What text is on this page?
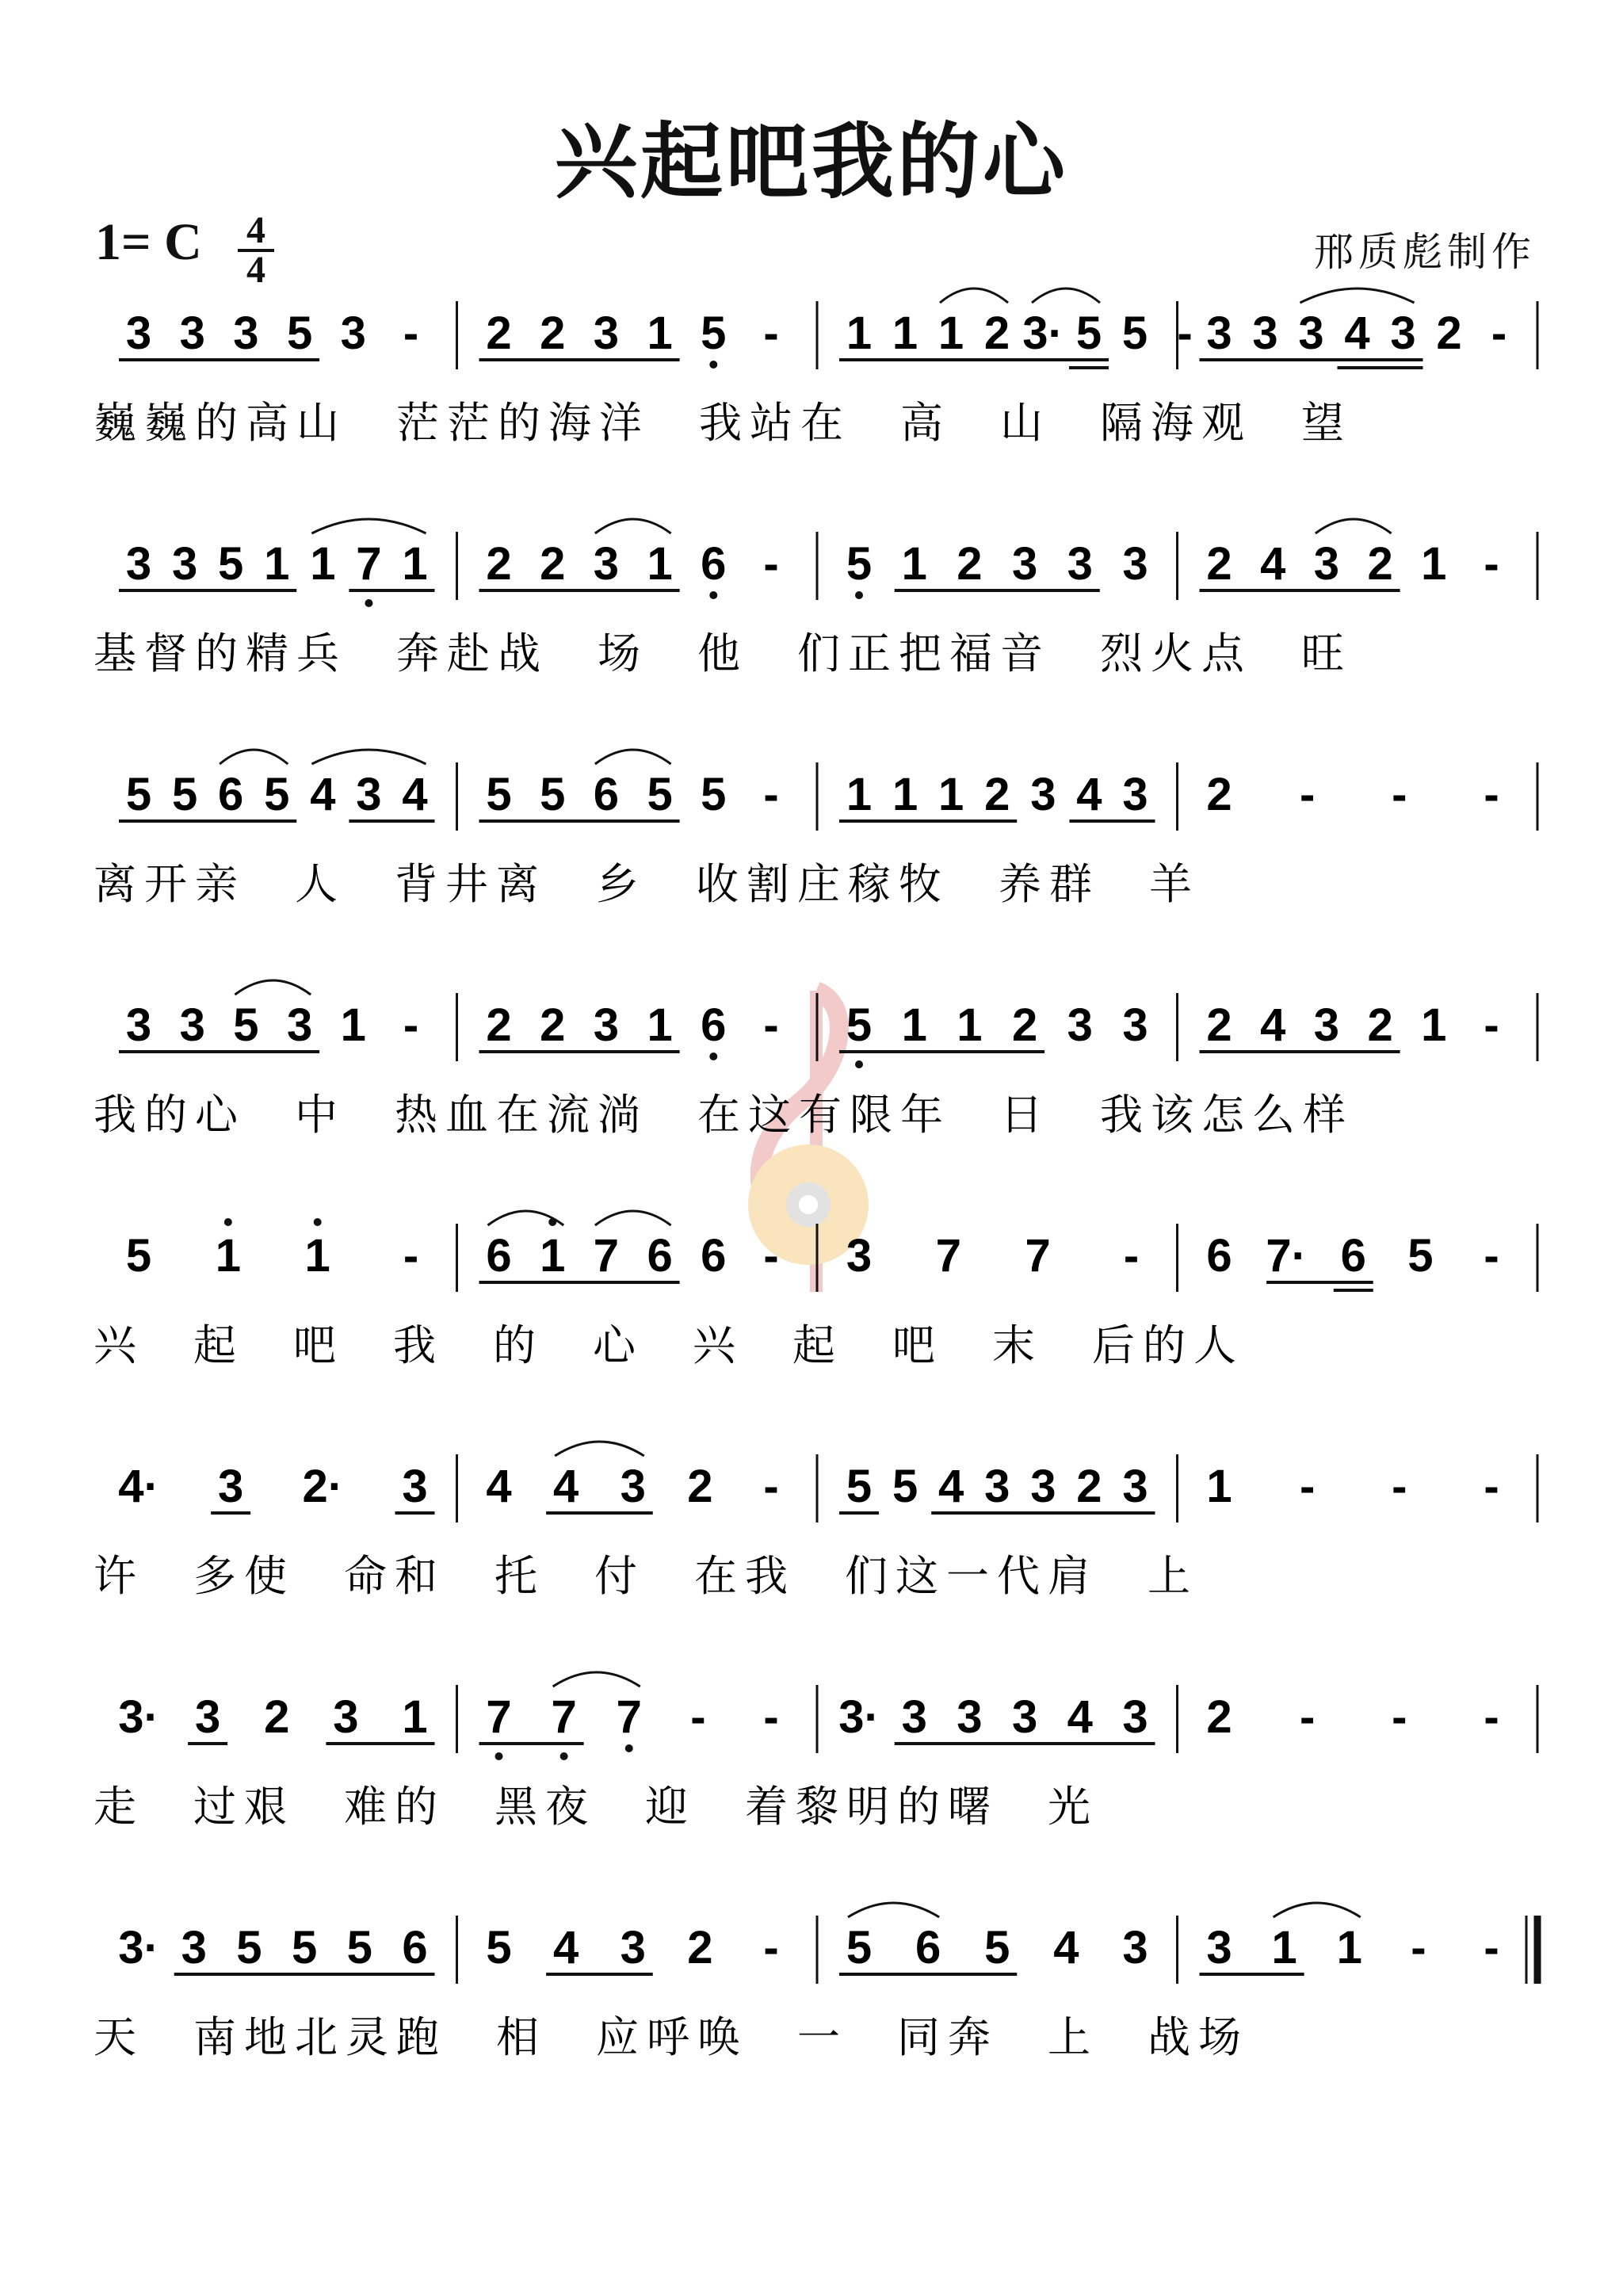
兴起吧我的心
1= C $\frac{4}{4}$	邢质彪制作
3 3 3 5 3 - 2 2 3 1 5 - 1 1 1 2 3· 5 5 - 3 3 3 4 3 2 -
巍巍的高山 茫茫的海洋 我站在 高 山 隔海观 望
3 3 5 1 1 7 1 2 2 3 1 6 - 5 1 2 3 3 3 2 4 3 2 1 -
基督的精兵 奔赴战 场 他 们正把福音 烈火点 旺
5 5 6 5 4 3 4 5 5 6 5 5 - 1 1 1 2 3 4 3 2 - - -
离开亲 人 背井离 乡 收割庄稼牧 养群 羊
3 3 5 3 1 - 2 2 3 1 6 - 5 1 1 2 3 3 2 4 3 2 1 -
我的心 中 热血在流淌 在这有限年 日 我该怎么样
5 1 1 - 6 1 7 6 6 - 3 7 7 - 6 7· 6 5 -
兴 起 吧 我 的 心 兴 起 吧 末 后的人
4· 3 2· 3 4 4 3 2 - 5 5 4 3 3 2 3 1 - - -
许 多使 命和 托 付 在我 们这一代肩 上
3· 3 2 3 1 7 7 7 - - 3· 3 3 3 4 3 2 - - -
走 过艰 难的 黑夜 迎 着黎明的曙 光
3· 3 5 5 5 6 5 4 3 2 - 5 6 5 4 3 3 1 1 - -
天 南地北灵跑 相 应呼唤 一 同奔 上 战场
